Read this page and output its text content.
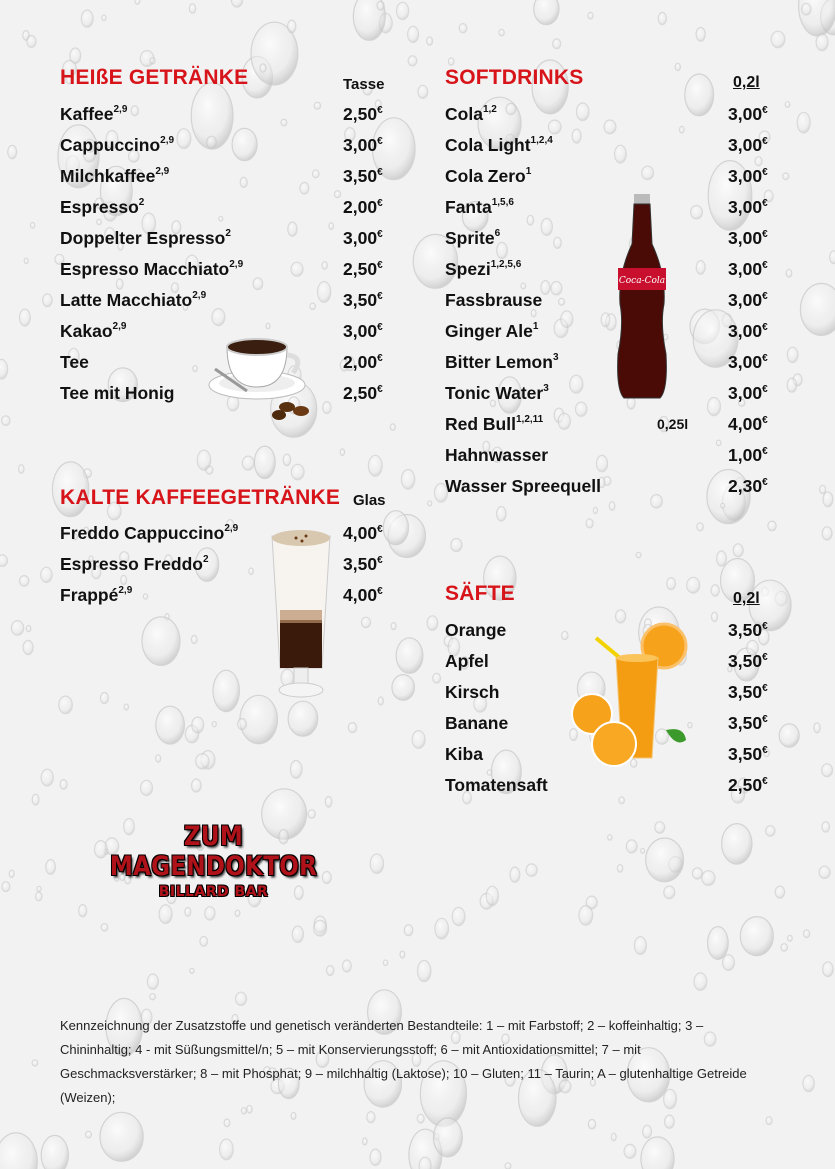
HEIßE GETRÄNKE	Tasse
Kaffee$^{2,9}$	2,50€
Cappuccino$^{2,9}$	3,00€
Milchkaffee$^{2,9}$	3,50€
Espresso$^2$	2,00€
Doppelter Espresso$^2$	3,00€
Espresso Macchiato$^{2,9}$	2,50€
Latte Macchiato$^{2,9}$	3,50€
Kakao$^{2,9}$	3,00€
Tee	2,00€
Tee mit Honig	2,50€
KALTE KAFFEEGETRÄNKE Glas
Freddo Cappuccino$^{2,9}$	4,00€
Espresso Freddo$^2$	3,50€
Frappé$^{2,9}$	4,00€
SOFTDRINKS	0,2l
Cola$^{1,2}$	3,00€
Cola Light$^{1,2,4}$	3,00€
Cola Zero$^1$	3,00€
Fanta$^{1,5,6}$	3,00€
Sprite$^6$	3,00€
Spezi$^{1,2,5,6}$	3,00€
Fassbrause	3,00€
Ginger Ale$^1$	3,00€
Bitter Lemon$^3$	3,00€
Tonic Water$^3$	3,00€
Red Bull$^{1,2,11}$	0,25l 4,00€
Hahnwasser	1,00€
Wasser Spreequell	2,30€
SÄFTE	0,2l
Orange	3,50€
Apfel	3,50€
Kirsch	3,50€
Banane	3,50€
Kiba	3,50€
Tomatensaft	2,50€
Coca-Cola
ZUM MAGENDOKTOR
BILLARD BAR
Kennzeichnung der Zusatzstoffe und genetisch veränderten Bestandteile: 1 – mit Farbstoff; 2 – koffeinhaltig; 3 – Chininhaltig; 4 - mit Süßungsmittel/n; 5 – mit Konservierungsstoff; 6 – mit Antioxidationsmittel; 7 – mit Geschmacksverstärker; 8 – mit Phosphat; 9 – milchhaltig (Laktose); 10 – Gluten; 11 – Taurin; A – glutenhaltige Getreide (Weizen);
